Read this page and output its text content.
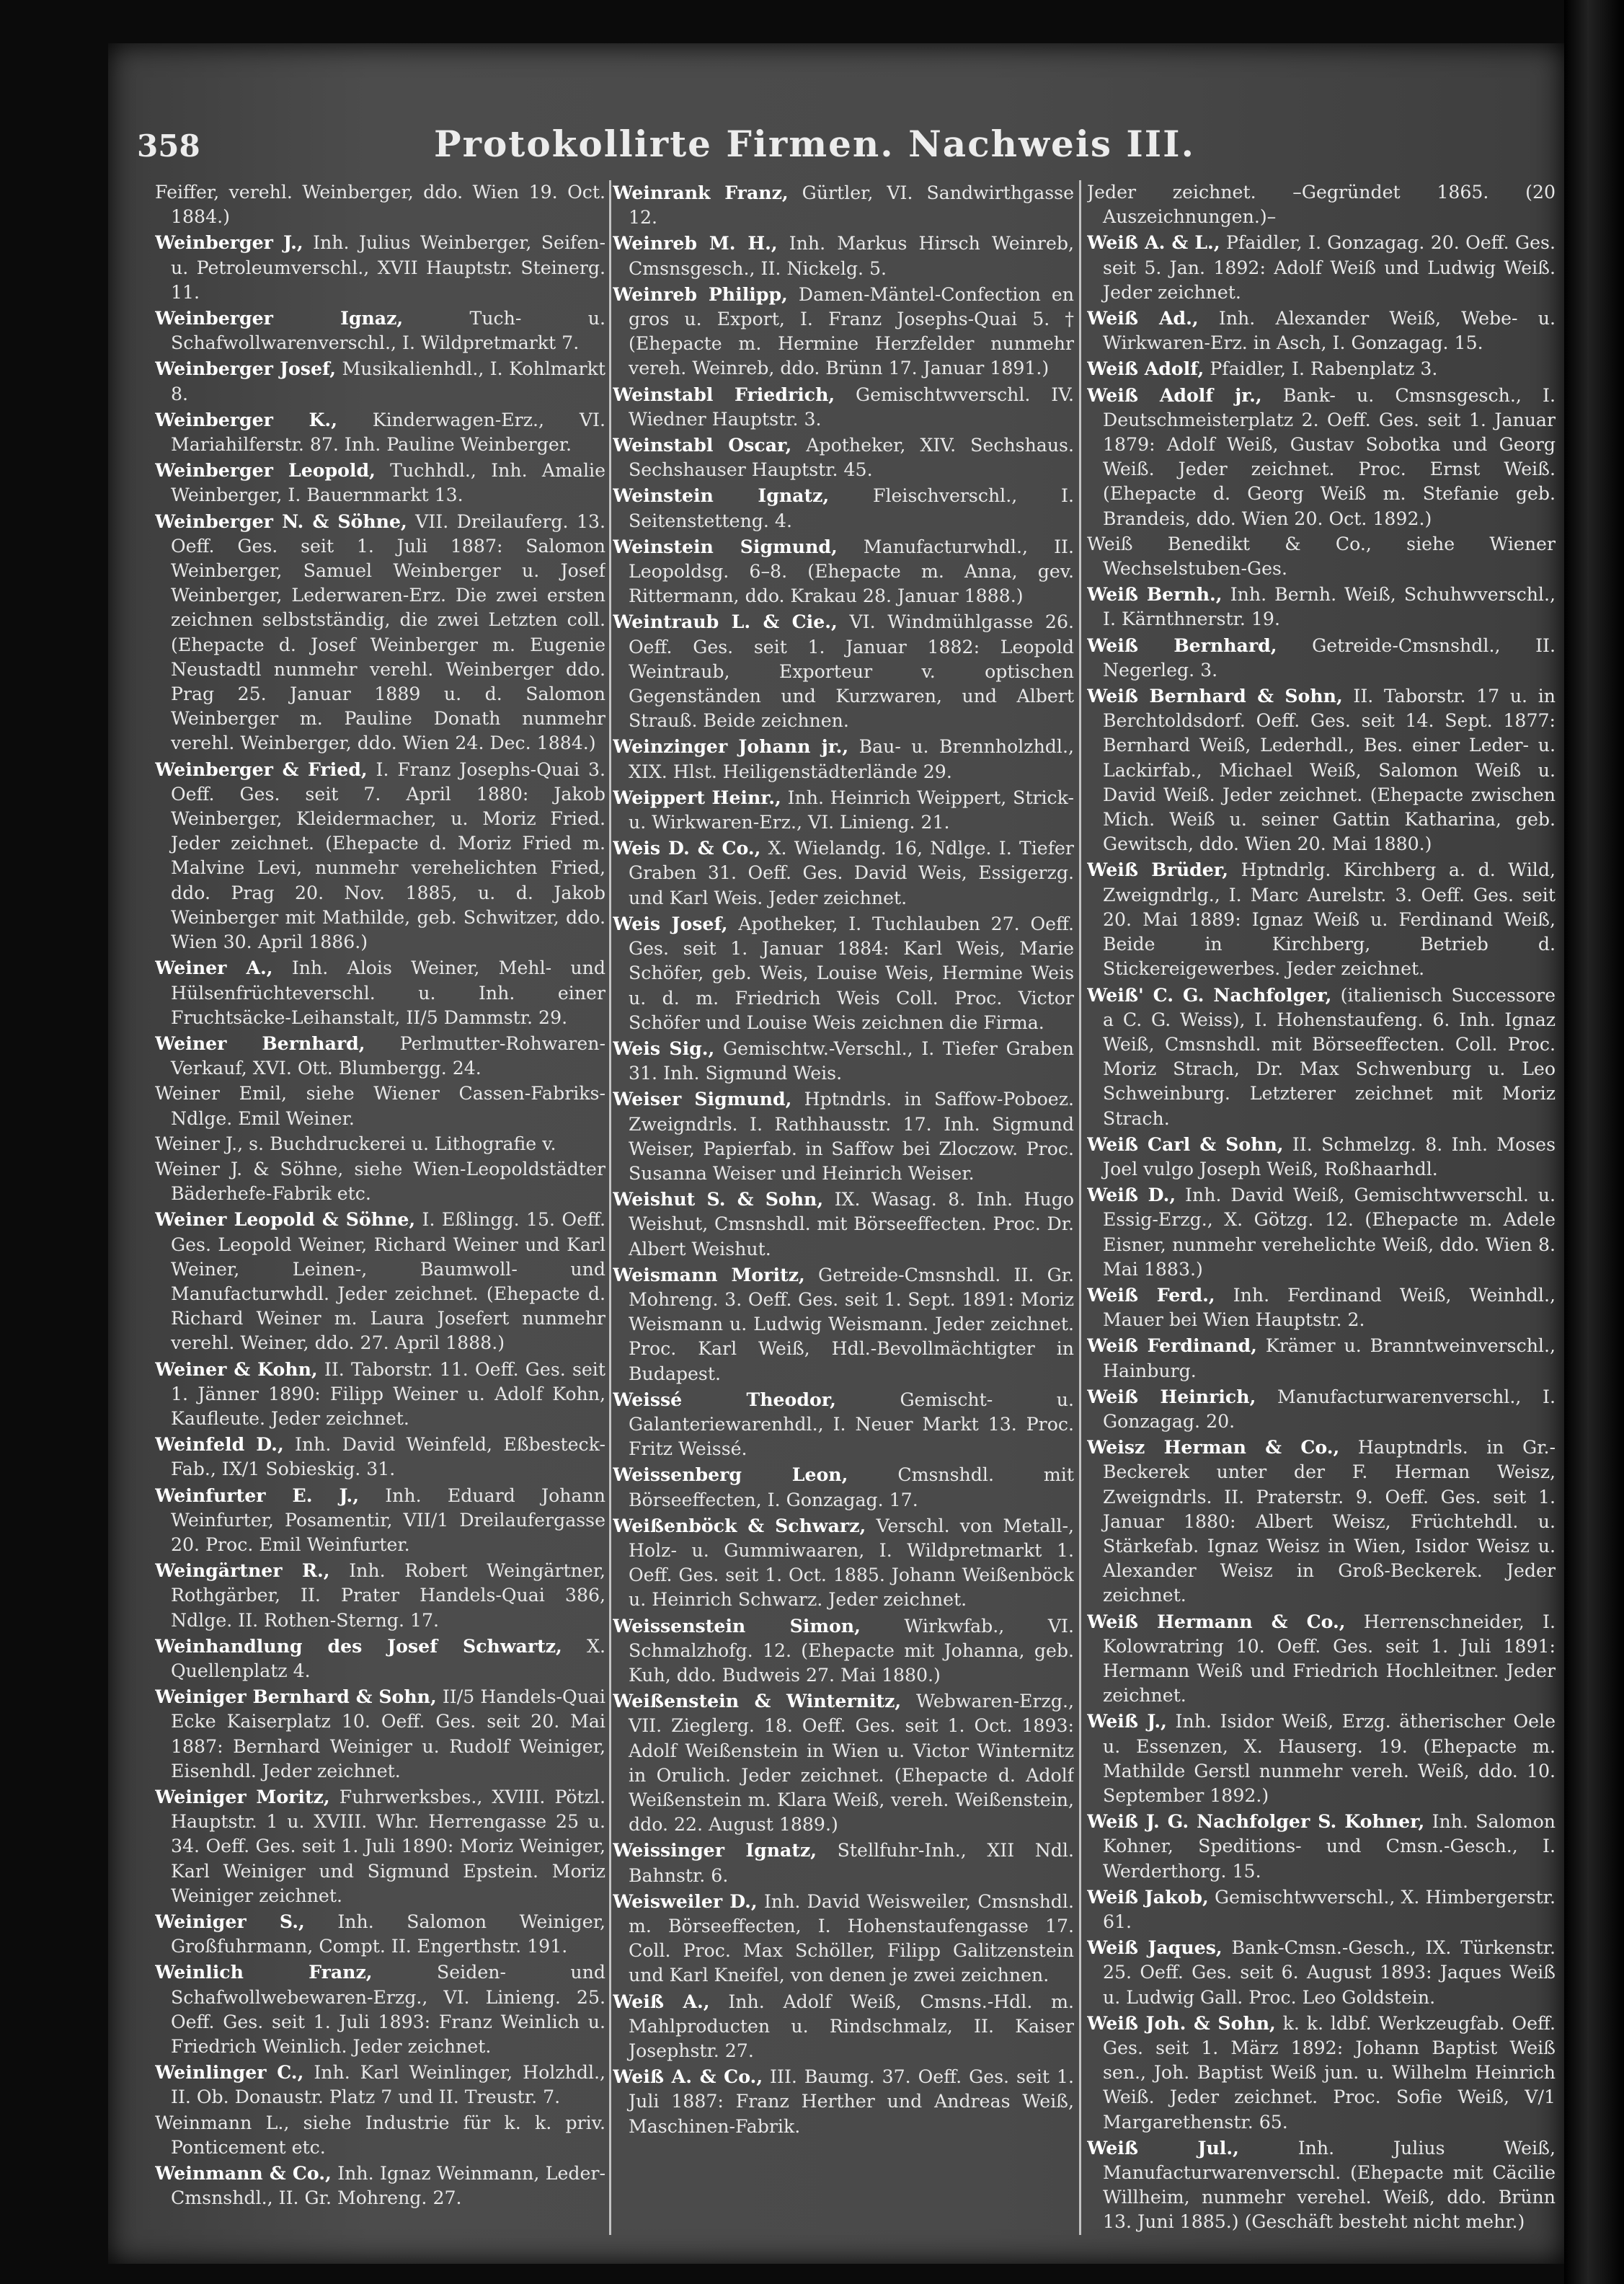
358	Protokollirte Firmen. Nachweis III.
Feiffer, verehl. Weinberger, ddo. Wien 19. Oct. 1884.)
Weinberger J., Inh. Julius Weinberger, Seifen- u. Petroleumverschl., XVII Hauptstr. Steinerg. 11.
Weinberger Ignaz,	Tuch- u. Schafwollwarenverschl., I. Wildpretmarkt 7.
Weinberger Josef, Musikalienhdl., I. Kohlmarkt 8.
Weinberger K., Kinderwagen-Erz., VI. Mariahilferstr. 87. Inh. Pauline Weinberger.
Weinberger Leopold, Tuchhdl., Inh. Amalie Weinberger, I. Bauernmarkt 13.
Weinberger N. & Söhne, VII. Dreilauferg. 13. Oeff. Ges. seit 1. Juli 1887: Salomon Weinberger, Samuel Weinberger u. Josef Weinberger, Lederwaren-Erz. Die zwei ersten zeichnen selbstständig, die zwei Letzten coll. (Ehepacte d. Josef Weinberger m. Eugenie Neustadtl nunmehr verehl. Weinberger ddo. Prag 25. Januar 1889 u. d. Salomon Weinberger m. Pauline Donath nunmehr verehl. Weinberger, ddo. Wien 24. Dec. 1884.)
Weinberger & Fried, I. Franz Josephs-Quai 3. Oeff. Ges. seit 7. April 1880: Jakob Weinberger, Kleidermacher, u. Moriz Fried. Jeder zeichnet. (Ehepacte d. Moriz Fried m. Malvine Levi, nunmehr verehelichten Fried, ddo. Prag 20. Nov. 1885, u. d. Jakob Weinberger mit Mathilde, geb. Schwitzer, ddo. Wien 30. April 1886.)
Weiner A., Inh. Alois Weiner, Mehl- und Hülsenfrüchteverschl. u. Inh. einer Fruchtsäcke-Leihanstalt, II/5 Dammstr. 29.
Weiner Bernhard, Perlmutter-Rohwaren-Verkauf, XVI. Ott. Blumbergg. 24.
Weiner Emil, siehe Wiener Cassen-Fabriks-Ndlge. Emil Weiner.
Weiner J., s. Buchdruckerei u. Lithografie v.
Weiner J. & Söhne, siehe Wien-Leopoldstädter Bäderhefe-Fabrik etc.
Weiner Leopold & Söhne, I. Eßlingg. 15. Oeff. Ges. Leopold Weiner, Richard Weiner und Karl Weiner, Leinen-, Baumwoll- und Manufacturwhdl. Jeder zeichnet. (Ehepacte d. Richard Weiner m. Laura Josefert nunmehr verehl. Weiner, ddo. 27. April 1888.)
Weiner & Kohn, II. Taborstr. 11. Oeff. Ges. seit 1. Jänner 1890: Filipp Weiner u. Adolf Kohn, Kaufleute. Jeder zeichnet.
Weinfeld D., Inh. David Weinfeld, Eßbesteck-Fab., IX/1 Sobieskig. 31.
Weinfurter E. J., Inh. Eduard Johann Weinfurter, Posamentir, VII/1 Dreilaufergasse 20. Proc. Emil Weinfurter.
Weingärtner R., Inh. Robert Weingärtner, Rothgärber, II. Prater Handels-Quai 386, Ndlge. II. Rothen-Sterng. 17.
Weinhandlung des Josef Schwartz, X. Quellenplatz 4.
Weiniger Bernhard & Sohn, II/5 Handels-Quai Ecke Kaiserplatz 10. Oeff. Ges. seit 20. Mai 1887: Bernhard Weiniger u. Rudolf Weiniger, Eisenhdl. Jeder zeichnet.
Weiniger Moritz, Fuhrwerksbes., XVIII. Pötzl. Hauptstr. 1 u. XVIII. Whr. Herrengasse 25 u. 34. Oeff. Ges. seit 1. Juli 1890: Moriz Weiniger, Karl Weiniger und Sigmund Epstein. Moriz Weiniger zeichnet.
Weiniger S., Inh. Salomon Weiniger, Großfuhrmann, Compt. II. Engerthstr. 191.
Weinlich Franz,	Seiden- und Schafwollwebewaren-Erzg., VI. Linieng. 25. Oeff. Ges. seit 1. Juli 1893: Franz Weinlich u. Friedrich Weinlich. Jeder zeichnet.
Weinlinger C., Inh. Karl Weinlinger, Holzhdl., II. Ob. Donaustr. Platz 7 und II. Treustr. 7.
Weinmann L., siehe Industrie für k. k. priv. Ponticement etc.
Weinmann & Co., Inh. Ignaz Weinmann, Leder-Cmsnshdl., II. Gr. Mohreng. 27.
Weinrank Franz, Gürtler, VI. Sandwirthgasse 12.
Weinreb M. H., Inh. Markus Hirsch Weinreb, Cmsnsgesch., II. Nickelg. 5.
Weinreb Philipp, Damen-Mäntel-Confection en gros u. Export, I. Franz Josephs-Quai 5. † (Ehepacte m. Hermine Herzfelder nunmehr vereh. Weinreb, ddo. Brünn 17. Januar 1891.)
Weinstabl Friedrich, Gemischtwverschl. IV. Wiedner Hauptstr. 3.
Weinstabl Oscar, Apotheker, XIV. Sechshaus. Sechshauser Hauptstr. 45.
Weinstein Ignatz, Fleischverschl., I. Seitenstetteng. 4.
Weinstein Sigmund, Manufacturwhdl., II. Leopoldsg. 6–8. (Ehepacte m. Anna, gev. Rittermann, ddo. Krakau 28. Januar 1888.)
Weintraub L. & Cie., VI. Windmühlgasse 26. Oeff. Ges. seit 1. Januar 1882: Leopold Weintraub, Exporteur v. optischen Gegenständen und Kurzwaren, und Albert Strauß. Beide zeichnen.
Weinzinger Johann jr., Bau- u. Brennholzhdl., XIX. Hlst. Heiligenstädterlände 29.
Weippert Heinr., Inh. Heinrich Weippert, Strick- u. Wirkwaren-Erz., VI. Linieng. 21.
Weis D. & Co., X. Wielandg. 16, Ndlge. I. Tiefer Graben 31. Oeff. Ges. David Weis, Essigerzg. und Karl Weis. Jeder zeichnet.
Weis Josef, Apotheker, I. Tuchlauben 27. Oeff. Ges. seit 1. Januar 1884: Karl Weis, Marie Schöfer, geb. Weis, Louise Weis, Hermine Weis u. d. m. Friedrich Weis Coll. Proc. Victor Schöfer und Louise Weis zeichnen die Firma.
Weis Sig., Gemischtw.-Verschl., I. Tiefer Graben 31. Inh. Sigmund Weis.
Weiser Sigmund, Hptndrls. in Saffow-Poboez. Zweigndrls. I. Rathhausstr. 17. Inh. Sigmund Weiser, Papierfab. in Saffow bei Zloczow. Proc. Susanna Weiser und Heinrich Weiser.
Weishut S. & Sohn, IX. Wasag. 8. Inh. Hugo Weishut, Cmsnshdl. mit Börseeffecten. Proc. Dr. Albert Weishut.
Weismann Moritz, Getreide-Cmsnshdl. II. Gr. Mohreng. 3. Oeff. Ges. seit 1. Sept. 1891: Moriz Weismann u. Ludwig Weismann. Jeder zeichnet. Proc. Karl Weiß, Hdl.-Bevollmächtigter in Budapest.
Weissé Theodor,	Gemischt- u. Galanteriewarenhdl., I. Neuer Markt 13. Proc. Fritz Weissé.
Weissenberg Leon,	Cmsnshdl. mit Börseeffecten, I. Gonzagag. 17.
Weißenböck & Schwarz, Verschl. von Metall-, Holz- u. Gummiwaaren, I. Wildpretmarkt 1. Oeff. Ges. seit 1. Oct. 1885. Johann Weißenböck u. Heinrich Schwarz. Jeder zeichnet.
Weissenstein Simon, Wirkwfab., VI. Schmalzhofg. 12. (Ehepacte mit Johanna, geb. Kuh, ddo. Budweis 27. Mai 1880.)
Weißenstein & Winternitz, Webwaren-Erzg., VII. Zieglerg. 18. Oeff. Ges. seit 1. Oct. 1893: Adolf Weißenstein in Wien u. Victor Winternitz in Orulich. Jeder zeichnet. (Ehepacte d. Adolf Weißenstein m. Klara Weiß, vereh. Weißenstein, ddo. 22. August 1889.)
Weissinger Ignatz, Stellfuhr-Inh., XII Ndl. Bahnstr. 6.
Weisweiler D., Inh. David Weisweiler, Cmsnshdl. m. Börseeffecten, I. Hohenstaufengasse 17. Coll. Proc. Max Schöller, Filipp Galitzenstein und Karl Kneifel, von denen je zwei zeichnen.
Weiß A., Inh. Adolf Weiß, Cmsns.-Hdl. m. Mahlproducten u. Rindschmalz, II. Kaiser Josephstr. 27.
Weiß A. & Co., III. Baumg. 37. Oeff. Ges. seit 1. Juli 1887: Franz Herther und Andreas Weiß, Maschinen-Fabrik.
Jeder zeichnet. –Gegründet 1865. (20 Auszeichnungen.)–
Weiß A. & L., Pfaidler, I. Gonzagag. 20. Oeff. Ges. seit 5. Jan. 1892: Adolf Weiß und Ludwig Weiß. Jeder zeichnet.
Weiß Ad., Inh. Alexander Weiß, Webe- u. Wirkwaren-Erz. in Asch, I. Gonzagag. 15.
Weiß Adolf, Pfaidler, I. Rabenplatz 3.
Weiß Adolf jr., Bank- u. Cmsnsgesch., I. Deutschmeisterplatz 2. Oeff. Ges. seit 1. Januar 1879: Adolf Weiß, Gustav Sobotka und Georg Weiß. Jeder zeichnet. Proc. Ernst Weiß. (Ehepacte d. Georg Weiß m. Stefanie geb. Brandeis, ddo. Wien 20. Oct. 1892.)
Weiß Benedikt & Co., siehe Wiener Wechselstuben-Ges.
Weiß Bernh., Inh. Bernh. Weiß, Schuhwverschl., I. Kärnthnerstr. 19.
Weiß Bernhard, Getreide-Cmsnshdl., II. Negerleg. 3.
Weiß Bernhard & Sohn, II. Taborstr. 17 u. in Berchtoldsdorf. Oeff. Ges. seit 14. Sept. 1877: Bernhard Weiß, Lederhdl., Bes. einer Leder- u. Lackirfab., Michael Weiß, Salomon Weiß u. David Weiß. Jeder zeichnet. (Ehepacte zwischen Mich. Weiß u. seiner Gattin Katharina, geb. Gewitsch, ddo. Wien 20. Mai 1880.)
Weiß Brüder, Hptndrlg. Kirchberg a. d. Wild, Zweigndrlg., I. Marc Aurelstr. 3. Oeff. Ges. seit 20. Mai 1889: Ignaz Weiß u. Ferdinand Weiß, Beide in Kirchberg, Betrieb d. Stickereigewerbes. Jeder zeichnet.
Weiß' C. G. Nachfolger, (italienisch Successore a C. G. Weiss), I. Hohenstaufeng. 6. Inh. Ignaz Weiß, Cmsnshdl. mit Börseeffecten. Coll. Proc. Moriz Strach, Dr. Max Schwenburg u. Leo Schweinburg. Letzterer zeichnet mit Moriz Strach.
Weiß Carl & Sohn, II. Schmelzg. 8. Inh. Moses Joel vulgo Joseph Weiß, Roßhaarhdl.
Weiß D., Inh. David Weiß, Gemischtwverschl. u. Essig-Erzg., X. Götzg. 12. (Ehepacte m. Adele Eisner, nunmehr verehelichte Weiß, ddo. Wien 8. Mai 1883.)
Weiß Ferd., Inh. Ferdinand Weiß, Weinhdl., Mauer bei Wien Hauptstr. 2.
Weiß Ferdinand, Krämer u. Branntweinverschl., Hainburg.
Weiß Heinrich, Manufacturwarenverschl., I. Gonzagag. 20.
Weisz Herman & Co., Hauptndrls. in Gr.-Beckerek unter der F. Herman Weisz, Zweigndrls. II. Praterstr. 9. Oeff. Ges. seit 1. Januar 1880: Albert Weisz, Früchtehdl. u. Stärkefab. Ignaz Weisz in Wien, Isidor Weisz u. Alexander Weisz in Groß-Beckerek. Jeder zeichnet.
Weiß Hermann & Co., Herrenschneider, I. Kolowratring 10. Oeff. Ges. seit 1. Juli 1891: Hermann Weiß und Friedrich Hochleitner. Jeder zeichnet.
Weiß J., Inh. Isidor Weiß, Erzg. ätherischer Oele u. Essenzen, X. Hauserg. 19. (Ehepacte m. Mathilde Gerstl nunmehr vereh. Weiß, ddo. 10. September 1892.)
Weiß J. G. Nachfolger S. Kohner, Inh. Salomon Kohner, Speditions- und Cmsn.-Gesch., I. Werderthorg. 15.
Weiß Jakob, Gemischtwverschl., X. Himbergerstr. 61.
Weiß Jaques, Bank-Cmsn.-Gesch., IX. Türkenstr. 25. Oeff. Ges. seit 6. August 1893: Jaques Weiß u. Ludwig Gall. Proc. Leo Goldstein.
Weiß Joh. & Sohn, k. k. ldbf. Werkzeugfab. Oeff. Ges. seit 1. März 1892: Johann Baptist Weiß sen., Joh. Baptist Weiß jun. u. Wilhelm Heinrich Weiß. Jeder zeichnet. Proc. Sofie Weiß, V/1 Margarethenstr. 65.
Weiß Jul.,	Inh. Julius Weiß, Manufacturwarenverschl. (Ehepacte mit Cäcilie Willheim, nunmehr verehel. Weiß, ddo. Brünn 13. Juni 1885.) (Geschäft besteht nicht mehr.)
